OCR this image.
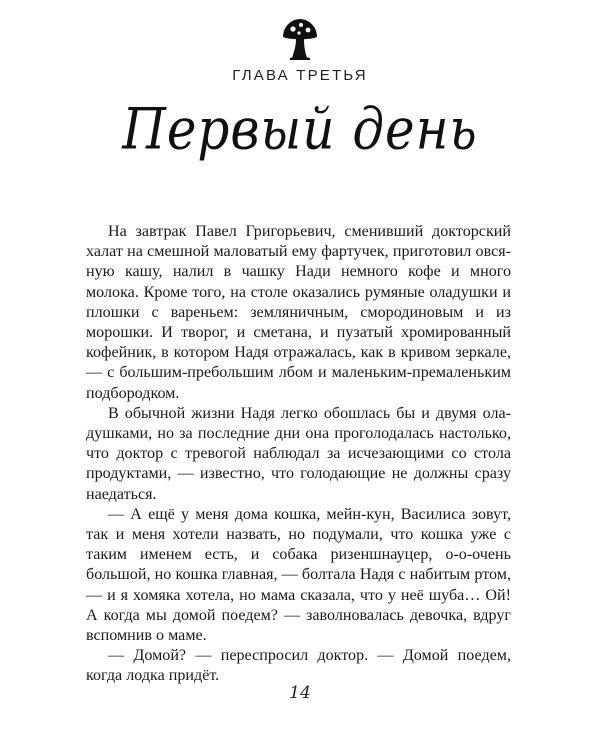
ГЛАВА ТРЕТЬЯ
Первый день

На завтрак Павел Григорьевич, сменивший докторский халат на смешной маловатый ему фартучек, приготовил овсяную кашу, налил в чашку Нади немного кофе и много молока. Кроме того, на столе оказались румяные оладушки и плошки с вареньем: земляничным, смородиновым и из морошки. И творог, и сметана, и пузатый хромированный кофейник, в котором Надя отражалась, как в кривом зеркале, — с большим-пребольшим лбом и маленьким-премаленьким подбородком.

В обычной жизни Надя легко обошлась бы и двумя оладушками, но за последние дни она проголодалась настолько, что доктор с тревогой наблюдал за исчезающими со стола продуктами, — известно, что голодающие не должны сразу наедаться.

— А ещё у меня дома кошка, мейн-кун, Василиса зовут, так и меня хотели назвать, но подумали, что кошка уже с таким именем есть, и собака ризеншнауцер, о-о-очень большой, но кошка главная, — болтала Надя с набитым ртом, — и я хомяка хотела, но мама сказала, что у неё шуба… Ой! А когда мы домой поедем? — заволновалась девочка, вдруг вспомнив о маме.

— Домой? — переспросил доктор. — Домой поедем, когда лодка придёт.

14
